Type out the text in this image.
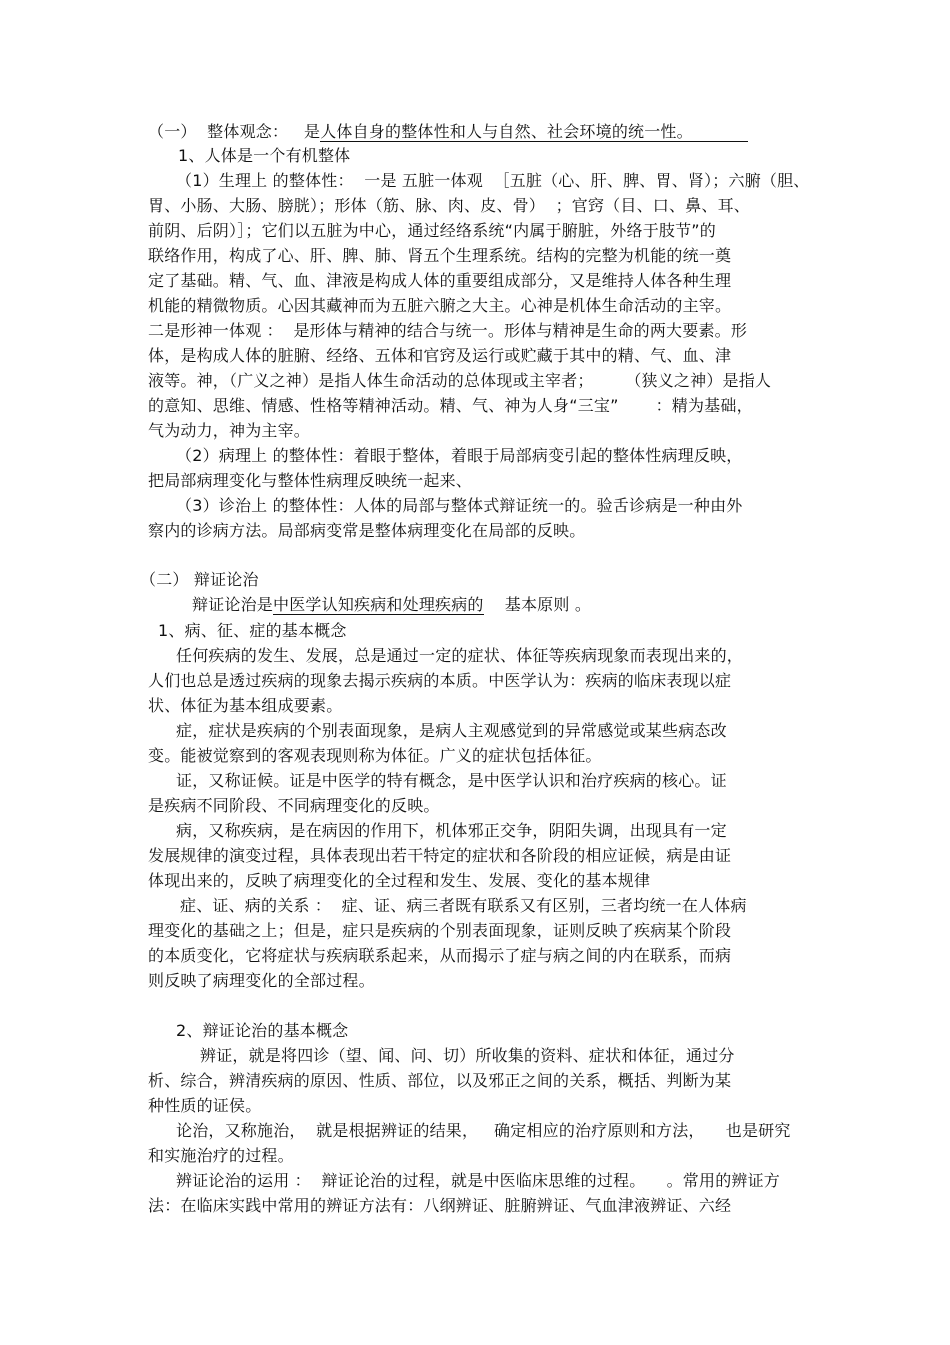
（一）  整体观念：   是人体自身的整体性和人与自然、社会环境的统一性。
1、人体是一个有机整体
（1）生理上 的整体性：  一是 五脏一体观  ［五脏（心、肝、脾、胃、肾）；六腑（胆、
胃、小肠、大肠、膀胱）；形体（筋、脉、肉、皮、骨）  ；官窍（目、口、鼻、耳、
前阴、后阴）］；它们以五脏为中心，通过经络系统“内属于腑脏，外络于肢节”的
联络作用，构成了心、肝、脾、肺、肾五个生理系统。结构的完整为机能的统一奠
定了基础。精、气、血、津液是构成人体的重要组成部分，又是维持人体各种生理
机能的精微物质。心因其藏神而为五脏六腑之大主。心神是机体生命活动的主宰。
二是形神一体观 ：  是形体与精神的结合与统一。形体与精神是生命的两大要素。形
体，是构成人体的脏腑、经络、五体和官窍及运行或贮藏于其中的精、气、血、津
液等。神，（广义之神）是指人体生命活动的总体现或主宰者；      （狭义之神）是指人
的意知、思维、情感、性格等精神活动。精、气、神为人身“三宝”       ：精为基础，
气为动力，神为主宰。
（2）病理上 的整体性：着眼于整体，着眼于局部病变引起的整体性病理反映，
把局部病理变化与整体性病理反映统一起来、
（3）诊治上 的整体性：人体的局部与整体式辩证统一的。验舌诊病是一种由外
察内的诊病方法。局部病变常是整体病理变化在局部的反映。
（二） 辩证论治
辩证论治是中医学认知疾病和处理疾病的    基本原则 。
1、病、征、症的基本概念
任何疾病的发生、发展，总是通过一定的症状、体征等疾病现象而表现出来的，
人们也总是透过疾病的现象去揭示疾病的本质。中医学认为：疾病的临床表现以症
状、体征为基本组成要素。
症，症状是疾病的个别表面现象，是病人主观感觉到的异常感觉或某些病态改
变。能被觉察到的客观表现则称为体征。广义的症状包括体征。
证，又称证候。证是中医学的特有概念，是中医学认识和治疗疾病的核心。证
是疾病不同阶段、不同病理变化的反映。
病，又称疾病，是在病因的作用下，机体邪正交争，阴阳失调，出现具有一定
发展规律的演变过程，具体表现出若干特定的症状和各阶段的相应证候，病是由证
体现出来的，反映了病理变化的全过程和发生、发展、变化的基本规律
症、证、病的关系 ：  症、证、病三者既有联系又有区别，三者均统一在人体病
理变化的基础之上；但是，症只是疾病的个别表面现象，证则反映了疾病某个阶段
的本质变化，它将症状与疾病联系起来，从而揭示了症与病之间的内在联系，而病
则反映了病理变化的全部过程。
2、辩证论治的基本概念
辨证，就是将四诊（望、闻、问、切）所收集的资料、症状和体征，通过分
析、综合，辨清疾病的原因、性质、部位，以及邪正之间的关系，概括、判断为某
种性质的证侯。
论治，又称施治，  就是根据辨证的结果，   确定相应的治疗原则和方法，    也是研究
和实施治疗的过程。
辨证论治的运用 ：  辩证论治的过程，就是中医临床思维的过程。    。常用的辨证方
法：在临床实践中常用的辨证方法有：八纲辨证、脏腑辨证、气血津液辨证、六经
